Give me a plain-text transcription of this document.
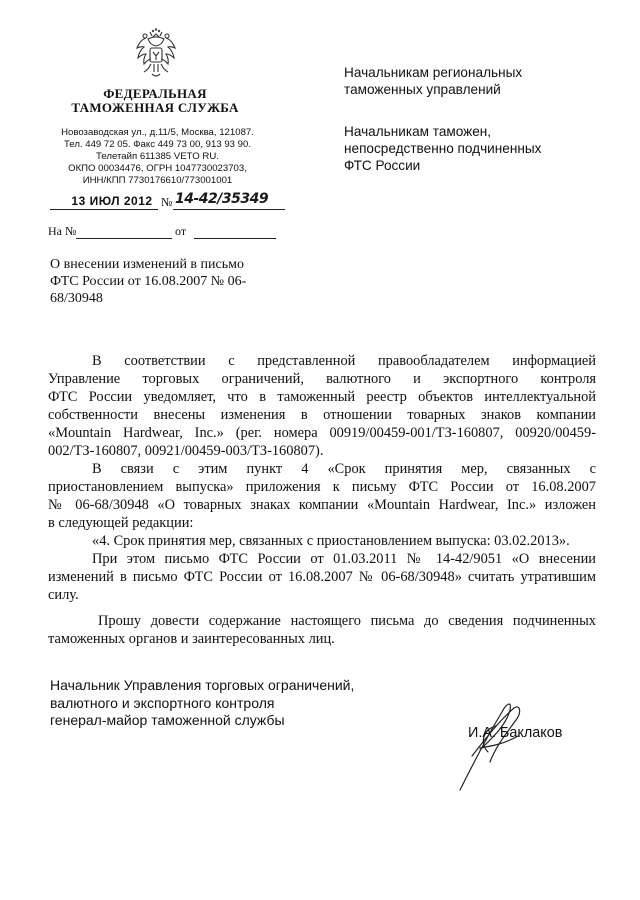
ФЕДЕРАЛЬНАЯ
ТАМОЖЕННАЯ СЛУЖБА
Новозаводская ул., д.11/5, Москва, 121087.
Тел. 449 72 05. Факс 449 73 00, 913 93 90.
Телетайп 611385 VETO RU.
ОКПО 00034476, ОГРН 1047730023703,
ИНН/КПП 7730176610/773001001
13 ИЮЛ 2012 № 14-42/35349
На №	от
О внесении изменений в письмо
ФТС России от 16.08.2007 № 06-
68/30948
Начальникам региональных
таможенных управлений
Начальникам таможен,
непосредственно подчиненных
ФТС России

В соответствии с представленной правообладателем информацией
Управление торговых ограничений, валютного и экспортного контроля
ФТС России уведомляет, что в таможенный реестр объектов интеллектуальной
собственности внесены изменения в отношении товарных знаков компании
«Mountain Hardwear, Inc.» (рег. номера 00919/00459-001/ТЗ-160807, 00920/00459-
002/ТЗ-160807, 00921/00459-003/ТЗ-160807).

В связи с этим пункт 4 «Срок принятия мер, связанных с
приостановлением выпуска» приложения к письму ФТС России от 16.08.2007
№ 06-68/30948 «О товарных знаках компании «Mountain Hardwear, Inc.» изложен
в следующей редакции:

«4. Срок принятия мер, связанных с приостановлением выпуска: 03.02.2013».

При этом письмо ФТС России от 01.03.2011 № 14-42/9051 «О внесении
изменений в письмо ФТС России от 16.08.2007 № 06-68/30948» считать утратившим
силу.

Прошу довести содержание настоящего письма до сведения подчиненных
таможенных органов и заинтересованных лиц.

Начальник Управления торговых ограничений,
валютного и экспортного контроля
генерал-майор таможенной службы
И.А. Баклаков
